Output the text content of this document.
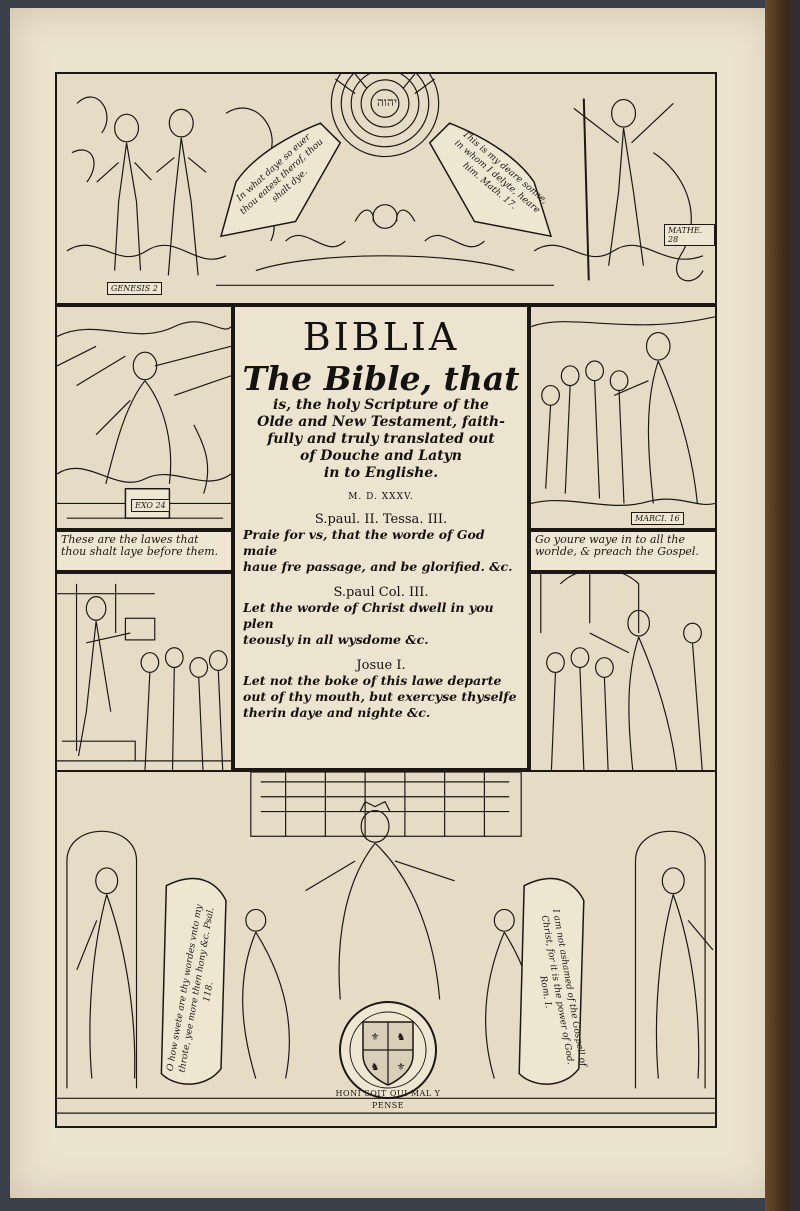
In what daye so euer thou eatest therof, thou shalt dye.	This is my deare sonne, in whom I delyte, heare him. Math. 17.
יהוה
GENESIS 2
MATHE. 28
EXO 24
These are the lawes that thou shalt laye before them.
BIBLIA
The Bible, that
is, the holy Scripture of the
Olde and New Testament, faith-
fully and truly translated out
of Douche and Latyn
in to Englishe.
M. D. XXXV.
S.paul. II. Tessa. III.
Praie for vs, that the worde of God maie
haue fre passage, and be glorified. &c.
S.paul Col. III.
Let the worde of Christ dwell in you plen
teously in all wysdome &c.
Josue I.
Let not the boke of this lawe departe
out of thy mouth, but exercyse thyselfe
therin daye and nighte &c.
MARCI. 16
Go youre waye in to all the worlde, & preach the Gospel.
O how swete are thy wordes vnto my throte, yee more then hony &c. Psal. 118.	I am not ashamed of the Gospell of Christ, for it is the power of God. Rom. I.
⚜ ♞
♞ ⚜
HONI SOIT QUI MAL Y PENSE
